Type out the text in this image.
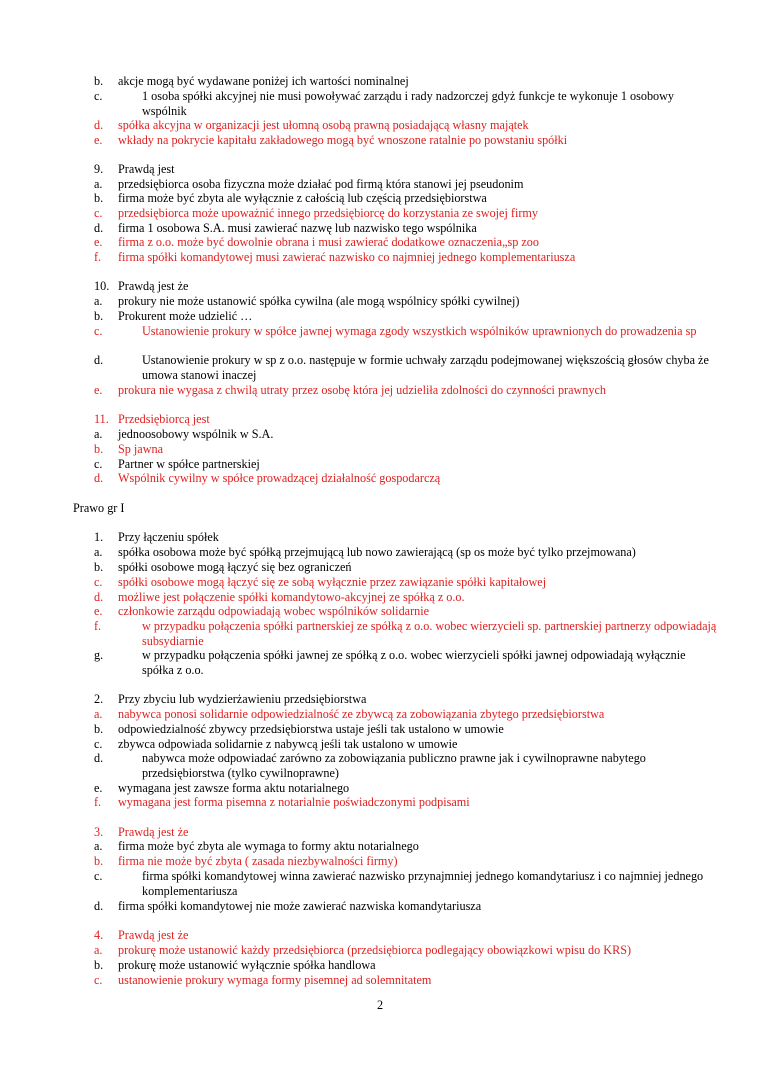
b. akcje mogą być wydawane poniżej ich wartości nominalnej
c.	1 osoba spółki akcyjnej nie musi powoływać zarządu i rady nadzorczej gdyż funkcje te wykonuje 1 osobowy wspólnik
d. spółka akcyjna w organizacji jest ułomną osobą prawną posiadającą własny majątek
e. wkłady na pokrycie kapitału zakładowego mogą być wnoszone ratalnie po powstaniu spółki
9. Prawdą jest
a. przedsiębiorca osoba fizyczna może działać pod firmą która stanowi jej pseudonim
b. firma może być zbyta ale wyłącznie z całością lub częścią przedsiębiorstwa
c. przedsiębiorca może upoważnić innego przedsiębiorcę do korzystania ze swojej firmy
d. firma 1 osobowa S.A. musi zawierać nazwę lub nazwisko tego wspólnika
e. firma z o.o. może być dowolnie obrana i musi zawierać dodatkowe oznaczenia„sp zoo
f. firma spółki komandytowej musi zawierać nazwisko co najmniej jednego komplementariusza
10. Prawdą jest że
a. prokury nie może ustanowić spółka cywilna (ale mogą wspólnicy spółki cywilnej)
b. Prokurent może udzielić …
c.	Ustanowienie prokury w spółce jawnej wymaga zgody wszystkich wspólników uprawnionych do prowadzenia sp
d.	Ustanowienie prokury w sp z o.o. następuje w formie uchwały zarządu podejmowanej większością głosów chyba że umowa stanowi inaczej
e. prokura nie wygasa z chwilą utraty przez osobę która jej udzieliła zdolności do czynności prawnych
11. Przedsiębiorcą jest
a. jednoosobowy wspólnik w S.A.
b. Sp jawna
c. Partner w spółce partnerskiej
d. Wspólnik cywilny w spółce prowadzącej działalność gospodarczą
Prawo gr I
1. Przy łączeniu spółek
a. spółka osobowa może być spółką przejmującą lub nowo zawierającą (sp os może być tylko przejmowana)
b. spółki osobowe mogą łączyć się bez ograniczeń
c. spółki osobowe mogą łączyć się ze sobą wyłącznie przez zawiązanie spółki kapitałowej
d. możliwe jest połączenie spółki komandytowo-akcyjnej ze spółką z o.o.
e. członkowie zarządu odpowiadają wobec wspólników solidarnie
f.	w przypadku połączenia spółki partnerskiej ze spółką z o.o. wobec wierzycieli sp. partnerskiej partnerzy odpowiadają subsydiarnie
g.	w przypadku połączenia spółki jawnej ze spółką z o.o. wobec wierzycieli spółki jawnej odpowiadają wyłącznie spółka z o.o.
2. Przy zbyciu lub wydzierżawieniu przedsiębiorstwa
a. nabywca ponosi solidarnie odpowiedzialność ze zbywcą za zobowiązania zbytego przedsiębiorstwa
b. odpowiedzialność zbywcy przedsiębiorstwa ustaje jeśli tak ustalono w umowie
c. zbywca odpowiada solidarnie z nabywcą jeśli tak ustalono w umowie
d.	nabywca może odpowiadać zarówno za zobowiązania publiczno prawne jak i cywilnoprawne nabytego przedsiębiorstwa (tylko cywilnoprawne)
e. wymagana jest zawsze forma aktu notarialnego
f. wymagana jest forma pisemna z notarialnie poświadczonymi podpisami
3. Prawdą jest że
a. firma może być zbyta ale wymaga to formy aktu notarialnego
b. firma nie może być zbyta ( zasada niezbywalności firmy)
c.	firma spółki komandytowej winna zawierać nazwisko przynajmniej jednego komandytariusz i co najmniej jednego komplementariusza
d. firma spółki komandytowej nie może zawierać nazwiska komandytariusza
4. Prawdą jest że
a. prokurę może ustanowić każdy przedsiębiorca (przedsiębiorca podlegający obowiązkowi wpisu do KRS)
b. prokurę może ustanowić wyłącznie spółka handlowa
c. ustanowienie prokury wymaga formy pisemnej ad solemnitatem
2
